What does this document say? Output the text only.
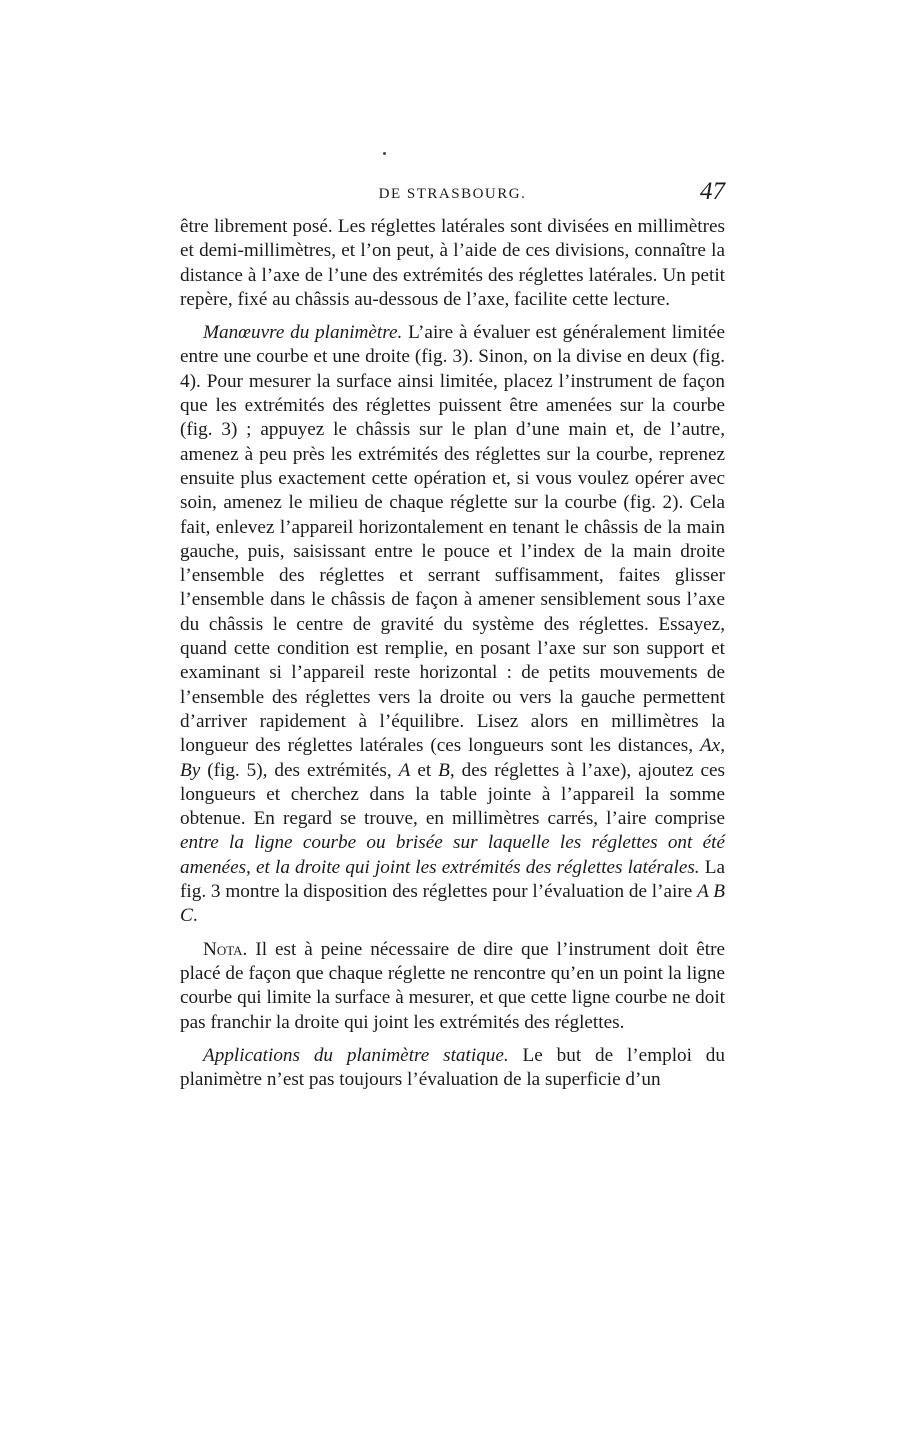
DE STRASBOURG.	47

être librement posé. Les réglettes latérales sont divisées en millimètres et demi-millimètres, et l’on peut, à l’aide de ces divisions, connaître la distance à l’axe de l’une des extrémités des réglettes latérales. Un petit repère, fixé au châssis au-dessous de l’axe, facilite cette lecture.

Manœuvre du planimètre. L’aire à évaluer est généralement limitée entre une courbe et une droite (fig. 3). Sinon, on la divise en deux (fig. 4). Pour mesurer la surface ainsi limitée, placez l’instrument de façon que les extrémités des réglettes puissent être amenées sur la courbe (fig. 3) ; appuyez le châssis sur le plan d’une main et, de l’autre, amenez à peu près les extrémités des réglettes sur la courbe, reprenez ensuite plus exactement cette opération et, si vous voulez opérer avec soin, amenez le milieu de chaque réglette sur la courbe (fig. 2). Cela fait, enlevez l’appareil horizontalement en tenant le châssis de la main gauche, puis, saisissant entre le pouce et l’index de la main droite l’ensemble des réglettes et serrant suffisamment, faites glisser l’ensemble dans le châssis de façon à amener sensiblement sous l’axe du châssis le centre de gravité du système des réglettes. Essayez, quand cette condition est remplie, en posant l’axe sur son support et examinant si l’appareil reste horizontal : de petits mouvements de l’ensemble des réglettes vers la droite ou vers la gauche permettent d’arriver rapidement à l’équilibre. Lisez alors en millimètres la longueur des réglettes latérales (ces longueurs sont les distances, Ax, By (fig. 5), des extrémités, A et B, des réglettes à l’axe), ajoutez ces longueurs et cherchez dans la table jointe à l’appareil la somme obtenue. En regard se trouve, en millimètres carrés, l’aire comprise entre la ligne courbe ou brisée sur laquelle les réglettes ont été amenées, et la droite qui joint les extrémités des réglettes latérales. La fig. 3 montre la disposition des réglettes pour l’évaluation de l’aire A B C.

Nota. Il est à peine nécessaire de dire que l’instrument doit être placé de façon que chaque réglette ne rencontre qu’en un point la ligne courbe qui limite la surface à mesurer, et que cette ligne courbe ne doit pas franchir la droite qui joint les extrémités des réglettes.

Applications du planimètre statique. Le but de l’emploi du planimètre n’est pas toujours l’évaluation de la superficie d’un
